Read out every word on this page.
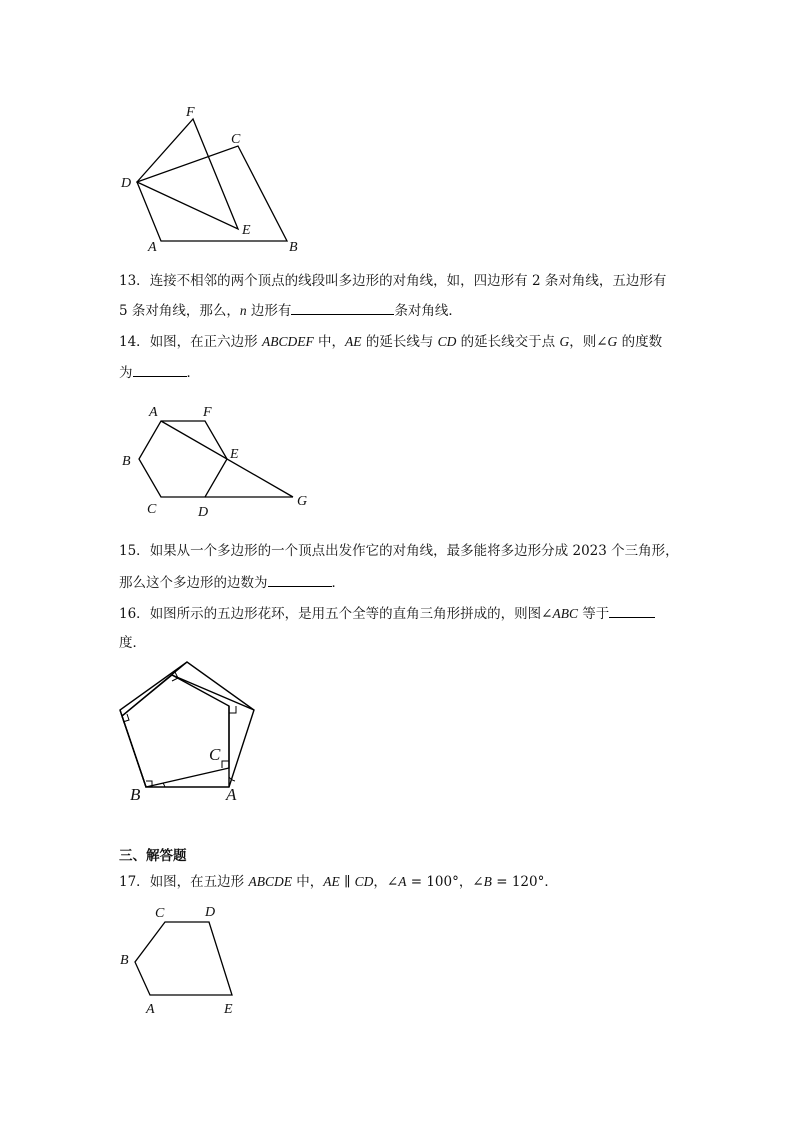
F
C
D
E
A	B
13．连接不相邻的两个顶点的线段叫多边形的对角线，如，四边形有 2 条对角线，五边形有
5 条对角线，那么，n 边形有	条对角线．
14．如图，在正六边形 ABCDEF 中，AE 的延长线与 CD 的延长线交于点 G，则∠G 的度数
为	．
A	F
B	E
C	D
G
15．如果从一个多边形的一个顶点出发作它的对角线，最多能将多边形分成 2023 个三角形，
那么这个多边形的边数为	．
16．如图所示的五边形花环，是用五个全等的直角三角形拼成的，则图∠ABC 等于
度．
C
B	A
三、解答题
17．如图，在五边形 ABCDE 中，AE ∥ CD，∠A = 100°，∠B = 120°．
C	D
B
A	E
